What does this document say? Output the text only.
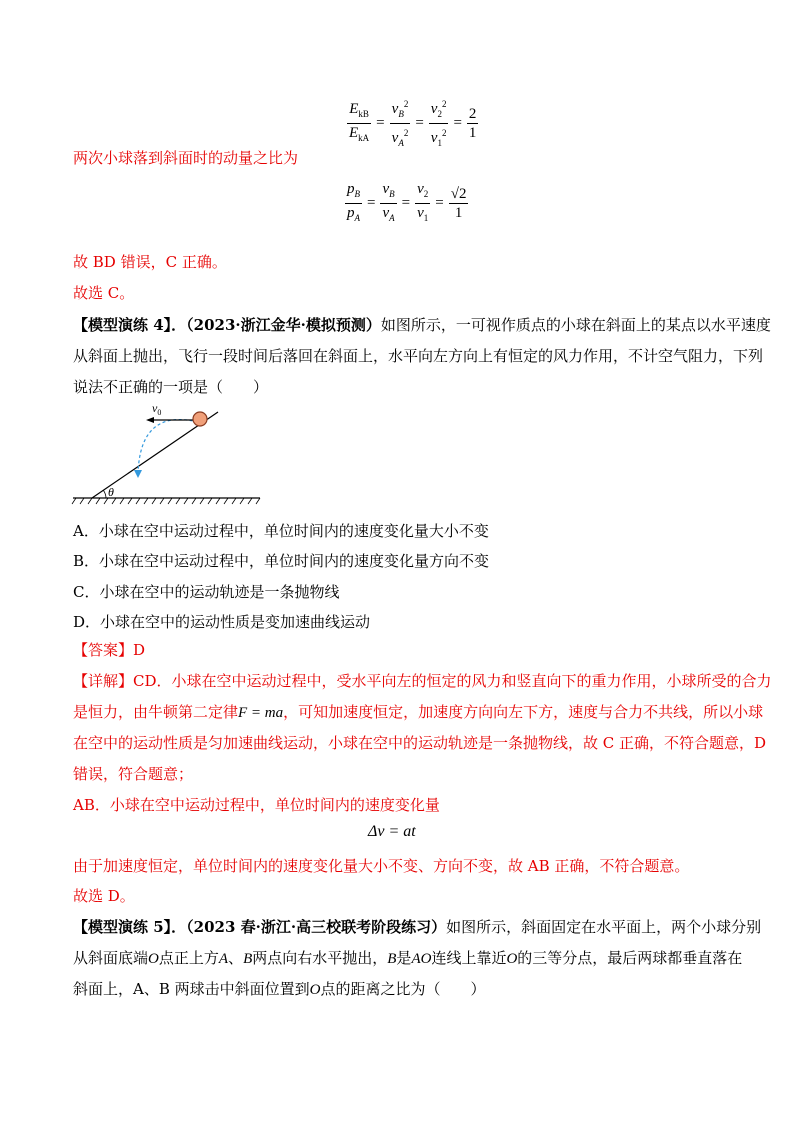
$\frac{E_{kB}}{E_{kA}} = \frac{v_B^2}{v_A^2} = \frac{v_2^2}{v_1^2} = \frac{2}{1}$
两次小球落到斜面时的动量之比为
$\frac{p_B}{p_A} = \frac{v_B}{v_A} = \frac{v_2}{v_1} = \frac{√2}{1}$
故 BD 错误，C 正确。
故选 C。
【模型演练 4】．（2023·浙江金华·模拟预测）如图所示，一可视作质点的小球在斜面上的某点以水平速度
从斜面上抛出，飞行一段时间后落回在斜面上，水平向左方向上有恒定的风力作用，不计空气阻力，下列
说法不正确的一项是（　　）
θ
$v_0$
A．小球在空中运动过程中，单位时间内的速度变化量大小不变
B．小球在空中运动过程中，单位时间内的速度变化量方向不变
C．小球在空中的运动轨迹是一条抛物线
D．小球在空中的运动性质是变加速曲线运动
【答案】D
【详解】CD．小球在空中运动过程中，受水平向左的恒定的风力和竖直向下的重力作用，小球所受的合力
是恒力，由牛顿第二定律F = ma，可知加速度恒定，加速度方向向左下方，速度与合力不共线，所以小球
在空中的运动性质是匀加速曲线运动，小球在空中的运动轨迹是一条抛物线，故 C 正确，不符合题意，D
错误，符合题意；
AB．小球在空中运动过程中，单位时间内的速度变化量
Δv = at
由于加速度恒定，单位时间内的速度变化量大小不变、方向不变，故 AB 正确，不符合题意。
故选 D。
【模型演练 5】．（2023 春·浙江·高三校联考阶段练习）如图所示，斜面固定在水平面上，两个小球分别
从斜面底端O点正上方A、B两点向右水平抛出，B是AO连线上靠近O的三等分点，最后两球都垂直落在
斜面上，A、B 两球击中斜面位置到O点的距离之比为（　　）
